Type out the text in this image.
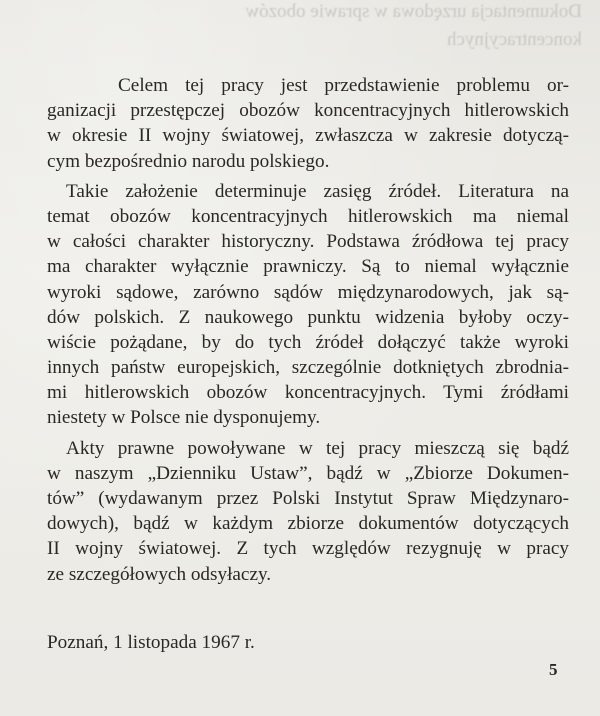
Dokumentacja urzędowa w sprawie obozów
koncentracyjnych
Celem tej pracy jest przedstawienie problemu or-
ganizacji przestępczej obozów koncentracyjnych hitlerowskich
w okresie II wojny światowej, zwłaszcza w zakresie dotyczą-
cym bezpośrednio narodu polskiego.
Takie założenie determinuje zasięg źródeł. Literatura na
temat obozów koncentracyjnych hitlerowskich ma niemal
w całości charakter historyczny. Podstawa źródłowa tej pracy
ma charakter wyłącznie prawniczy. Są to niemal wyłącznie
wyroki sądowe, zarówno sądów międzynarodowych, jak są-
dów polskich. Z naukowego punktu widzenia byłoby oczy-
wiście pożądane, by do tych źródeł dołączyć także wyroki
innych państw europejskich, szczególnie dotkniętych zbrodnia-
mi hitlerowskich obozów koncentracyjnych. Tymi źródłami
niestety w Polsce nie dysponujemy.
Akty prawne powoływane w tej pracy mieszczą się bądź
w naszym „Dzienniku Ustaw”, bądź w „Zbiorze Dokumen-
tów” (wydawanym przez Polski Instytut Spraw Międzynaro-
dowych), bądź w każdym zbiorze dokumentów dotyczących
II wojny światowej. Z tych względów rezygnuję w pracy
ze szczegółowych odsyłaczy.
Poznań, 1 listopada 1967 r.
5
